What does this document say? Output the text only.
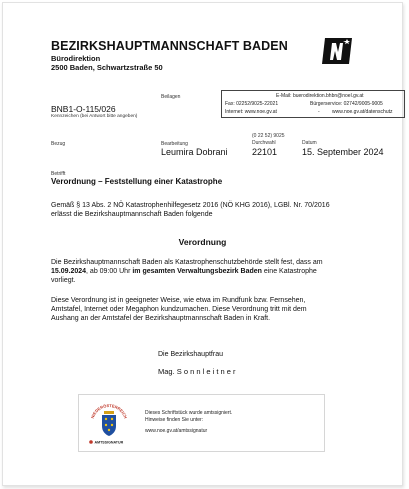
BEZIRKSHAUPTMANNSCHAFT BADEN
Bürodirektion
2500 Baden, Schwartzstraße 50
Beilagen	E-Mail: buerodirektion.bhbn@noel.gv.at
Fax: 02252/9025-22021	Bürgerservice: 02742/9005-9005
Internet: www.noe.gv.at	- www.noe.gv.at/datenschutz
BNB1-O-115/026
Kennzeichen (bei Antwort bitte angeben)
Bezug	Bearbeitung
Leumira Dobrani
(0 22 52) 9025
Durchwahl
22101
Datum
15. September 2024
Betrifft
Verordnung – Feststellung einer Katastrophe
Gemäß § 13 Abs. 2 NÖ Katastrophenhilfegesetz 2016 (NÖ KHG 2016), LGBl. Nr. 70/2016
erlässt die Bezirkshauptmannschaft Baden folgende
Verordnung
Die Bezirkshauptmannschaft Baden als Katastrophenschutzbehörde stellt fest, dass am
15.09.2024, ab 09:00 Uhr im gesamten Verwaltungsbezirk Baden eine Katastrophe
vorliegt.
Diese Verordnung ist in geeigneter Weise, wie etwa im Rundfunk bzw. Fernsehen,
Amtstafel, Internet oder Megaphon kundzumachen. Diese Verordnung tritt mit dem
Aushang an der Amtstafel der Bezirkshauptmannschaft Baden in Kraft.
Die Bezirkshauptfrau
Mag. S o n n l e i t n e r
NIEDERÖSTERREICH
AMTSSIGNATUR
Dieses Schriftstück wurde amtssigniert.
Hinweise finden Sie unter:
www.noe.gv.at/amtssignatur
